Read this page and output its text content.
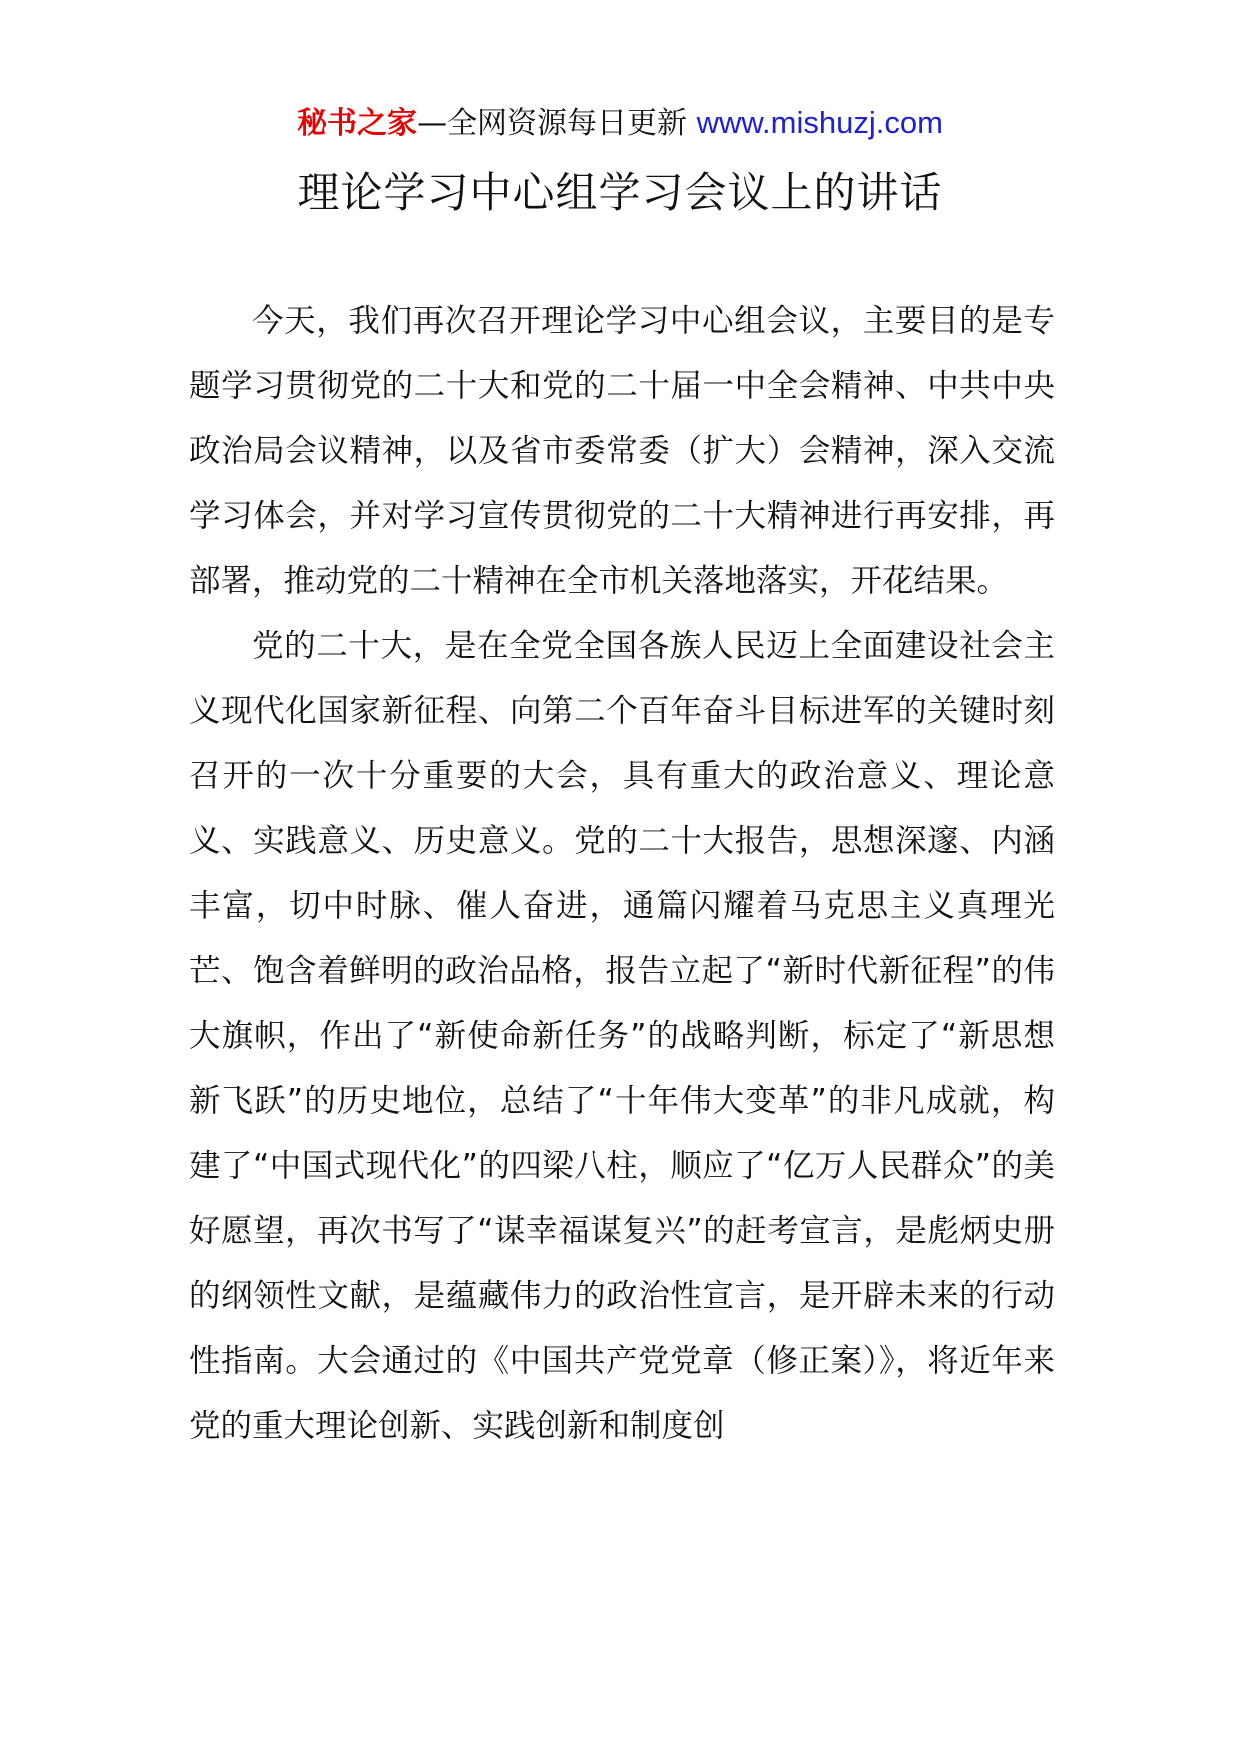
秘书之家—全网资源每日更新 www.mishuzj.com
理论学习中心组学习会议上的讲话

今天，我们再次召开理论学习中心组会议，主要目的是专题学习贯彻党的二十大和党的二十届一中全会精神、中共中央政治局会议精神，以及省市委常委（扩大）会精神，深入交流学习体会，并对学习宣传贯彻党的二十大精神进行再安排，再部署，推动党的二十精神在全市机关落地落实，开花结果。

党的二十大，是在全党全国各族人民迈上全面建设社会主义现代化国家新征程、向第二个百年奋斗目标进军的关键时刻召开的一次十分重要的大会，具有重大的政治意义、理论意义、实践意义、历史意义。党的二十大报告，思想深邃、内涵丰富，切中时脉、催人奋进，通篇闪耀着马克思主义真理光芒、饱含着鲜明的政治品格，报告立起了“新时代新征程”的伟大旗帜，作出了“新使命新任务”的战略判断，标定了“新思想新飞跃”的历史地位，总结了“十年伟大变革”的非凡成就，构建了“中国式现代化”的四梁八柱，顺应了“亿万人民群众”的美好愿望，再次书写了“谋幸福谋复兴”的赶考宣言，是彪炳史册的纲领性文献，是蕴藏伟力的政治性宣言，是开辟未来的行动性指南。大会通过的《中国共产党党章（修正案）》，将近年来党的重大理论创新、实践创新和制度创
